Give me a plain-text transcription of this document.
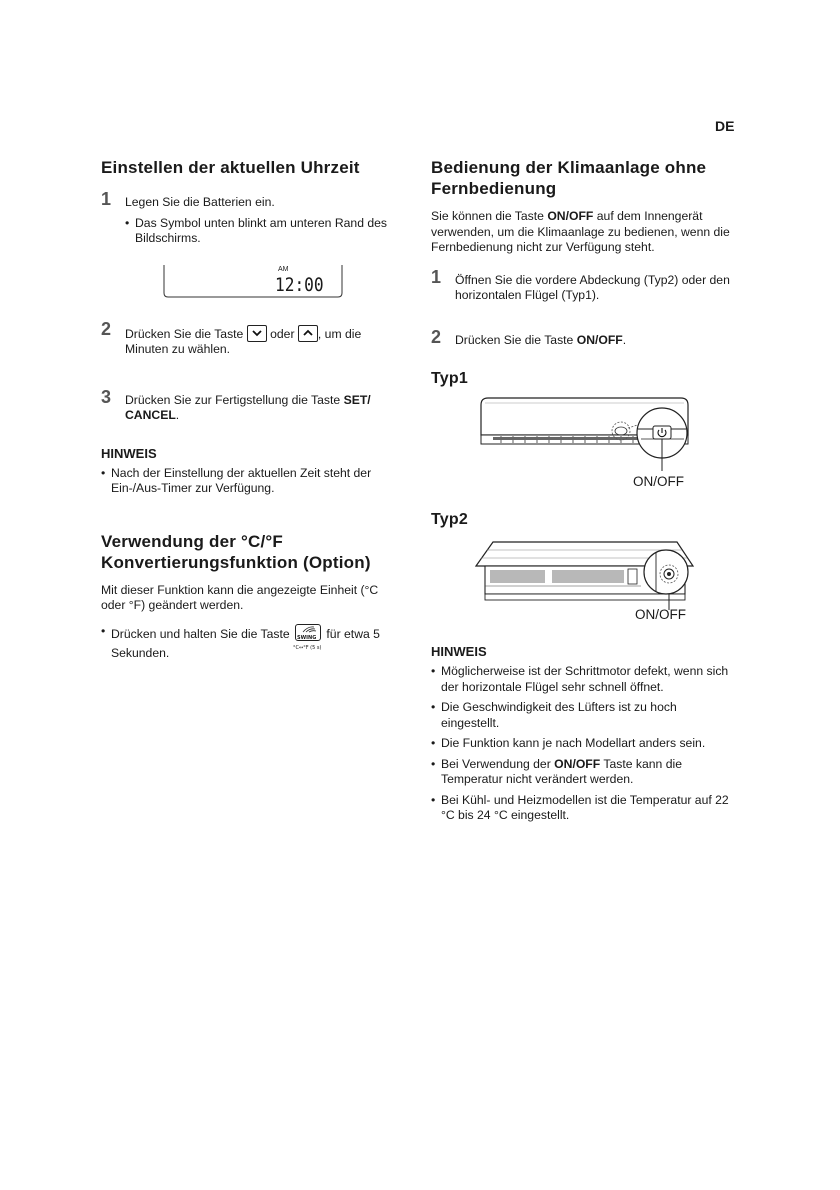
DE
Einstellen der aktuellen Uhrzeit
1 Legen Sie die Batterien ein.
• Das Symbol unten blinkt am unteren Rand des Bildschirms.
AM
12:00
2 Drücken Sie die Taste oder , um die Minuten zu wählen.
3 Drücken Sie zur Fertigstellung die Taste SET/ CANCEL.
HINWEIS
• Nach der Einstellung der aktuellen Zeit steht der Ein-/Aus-Timer zur Verfügung.
Verwendung der °C/°F
Konvertierungsfunktion (Option)

Mit dieser Funktion kann die angezeigte Einheit (°C oder °F) geändert werden.

• Drücken und halten Sie die Taste SWING
°C↔°F (5 s)
für etwa 5 Sekunden.
Bedienung der Klimaanlage ohne
Fernbedienung

Sie können die Taste ON/OFF auf dem Innengerät verwenden, um die Klimaanlage zu bedienen, wenn die Fernbedienung nicht zur Verfügung steht.

1 Öffnen Sie die vordere Abdeckung (Typ2) oder den horizontalen Flügel (Typ1).
2 Drücken Sie die Taste ON/OFF.
Typ1
ON/OFF
Typ2
ON/OFF
HINWEIS
• Möglicherweise ist der Schrittmotor defekt, wenn sich der horizontale Flügel sehr schnell öffnet.
• Die Geschwindigkeit des Lüfters ist zu hoch eingestellt.
• Die Funktion kann je nach Modellart anders sein.
• Bei Verwendung der ON/OFF Taste kann die Temperatur nicht verändert werden.
• Bei Kühl- und Heizmodellen ist die Temperatur auf 22 °C bis 24 °C eingestellt.
